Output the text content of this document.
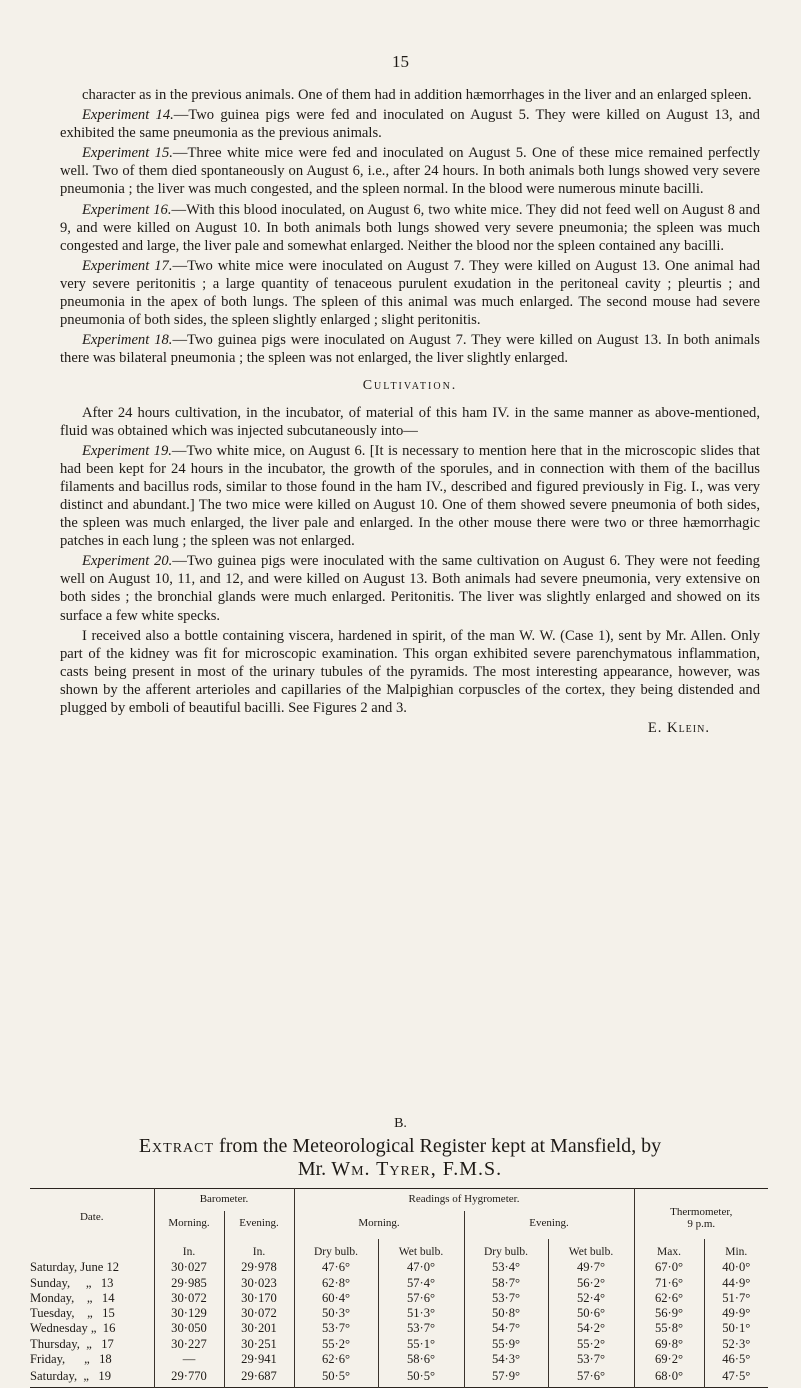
15

character as in the previous animals. One of them had in addition hæmorrhages in the liver and an enlarged spleen.

Experiment 14.—Two guinea pigs were fed and inoculated on August 5. They were killed on August 13, and exhibited the same pneumonia as the previous animals.

Experiment 15.—Three white mice were fed and inoculated on August 5. One of these mice remained perfectly well. Two of them died spontaneously on August 6, i.e., after 24 hours. In both animals both lungs showed very severe pneumonia ; the liver was much congested, and the spleen normal. In the blood were numerous minute bacilli.

Experiment 16.—With this blood inoculated, on August 6, two white mice. They did not feed well on August 8 and 9, and were killed on August 10. In both animals both lungs showed very severe pneumonia; the spleen was much congested and large, the liver pale and somewhat enlarged. Neither the blood nor the spleen contained any bacilli.

Experiment 17.—Two white mice were inoculated on August 7. They were killed on August 13. One animal had very severe peritonitis ; a large quantity of tenaceous purulent exudation in the peritoneal cavity ; pleurtis ; and pneumonia in the apex of both lungs. The spleen of this animal was much enlarged. The second mouse had severe pneumonia of both sides, the spleen slightly enlarged ; slight peritonitis.

Experiment 18.—Two guinea pigs were inoculated on August 7. They were killed on August 13. In both animals there was bilateral pneumonia ; the spleen was not enlarged, the liver slightly enlarged.

Cultivation.

After 24 hours cultivation, in the incubator, of material of this ham IV. in the same manner as above-mentioned, fluid was obtained which was injected subcutaneously into—

Experiment 19.—Two white mice, on August 6. [It is necessary to mention here that in the microscopic slides that had been kept for 24 hours in the incubator, the growth of the sporules, and in connection with them of the bacillus filaments and bacillus rods, similar to those found in the ham IV., described and figured previously in Fig. I., was very distinct and abundant.] The two mice were killed on August 10. One of them showed severe pneumonia of both sides, the spleen was much enlarged, the liver pale and enlarged. In the other mouse there were two or three hæmorrhagic patches in each lung ; the spleen was not enlarged.

Experiment 20.—Two guinea pigs were inoculated with the same cultivation on August 6. They were not feeding well on August 10, 11, and 12, and were killed on August 13. Both animals had severe pneumonia, very extensive on both sides ; the bronchial glands were much enlarged. Peritonitis. The liver was slightly enlarged and showed on its surface a few white specks.

I received also a bottle containing viscera, hardened in spirit, of the man W. W. (Case 1), sent by Mr. Allen. Only part of the kidney was fit for microscopic examination. This organ exhibited severe parenchymatous inflammation, casts being present in most of the urinary tubules of the pyramids. The most interesting appearance, however, was shown by the afferent arterioles and capillaries of the Malpighian corpuscles of the cortex, they being distended and plugged by emboli of beautiful bacilli. See Figures 2 and 3.

E. Klein.
B.
Extract from the Meteorological Register kept at Mansfield, by
Mr. Wm. Tyrer, F.M.S.
Date.	Barometer.		Readings of Hygrometer.				Thermometer,
9 p.m.	
	Morning.	Evening.	Morning.		Evening.			
	In.	In.	Dry bulb.	Wet bulb.	Dry bulb.	Wet bulb.	Max.	Min.
Saturday, June 12	30·027	29·978	47·6°	47·0°	53·4°	49·7°	67·0°	40·0°
Sunday,     „   13	29·985	30·023	62·8°	57·4°	58·7°	56·2°	71·6°	44·9°
Monday,    „   14	30·072	30·170	60·4°	57·6°	53·7°	52·4°	62·6°	51·7°
Tuesday,    „   15	30·129	30·072	50·3°	51·3°	50·8°	50·6°	56·9°	49·9°
Wednesday „  16	30·050	30·201	53·7°	53·7°	54·7°	54·2°	55·8°	50·1°
Thursday,  „   17	30·227	30·251	55·2°	55·1°	55·9°	55·2°	69·8°	52·3°
Friday,      „   18	—	29·941	62·6°	58·6°	54·3°	53·7°	69·2°	46·5°
Saturday,  „   19	29·770	29·687	50·5°	50·5°	57·9°	57·6°	68·0°	47·5°
